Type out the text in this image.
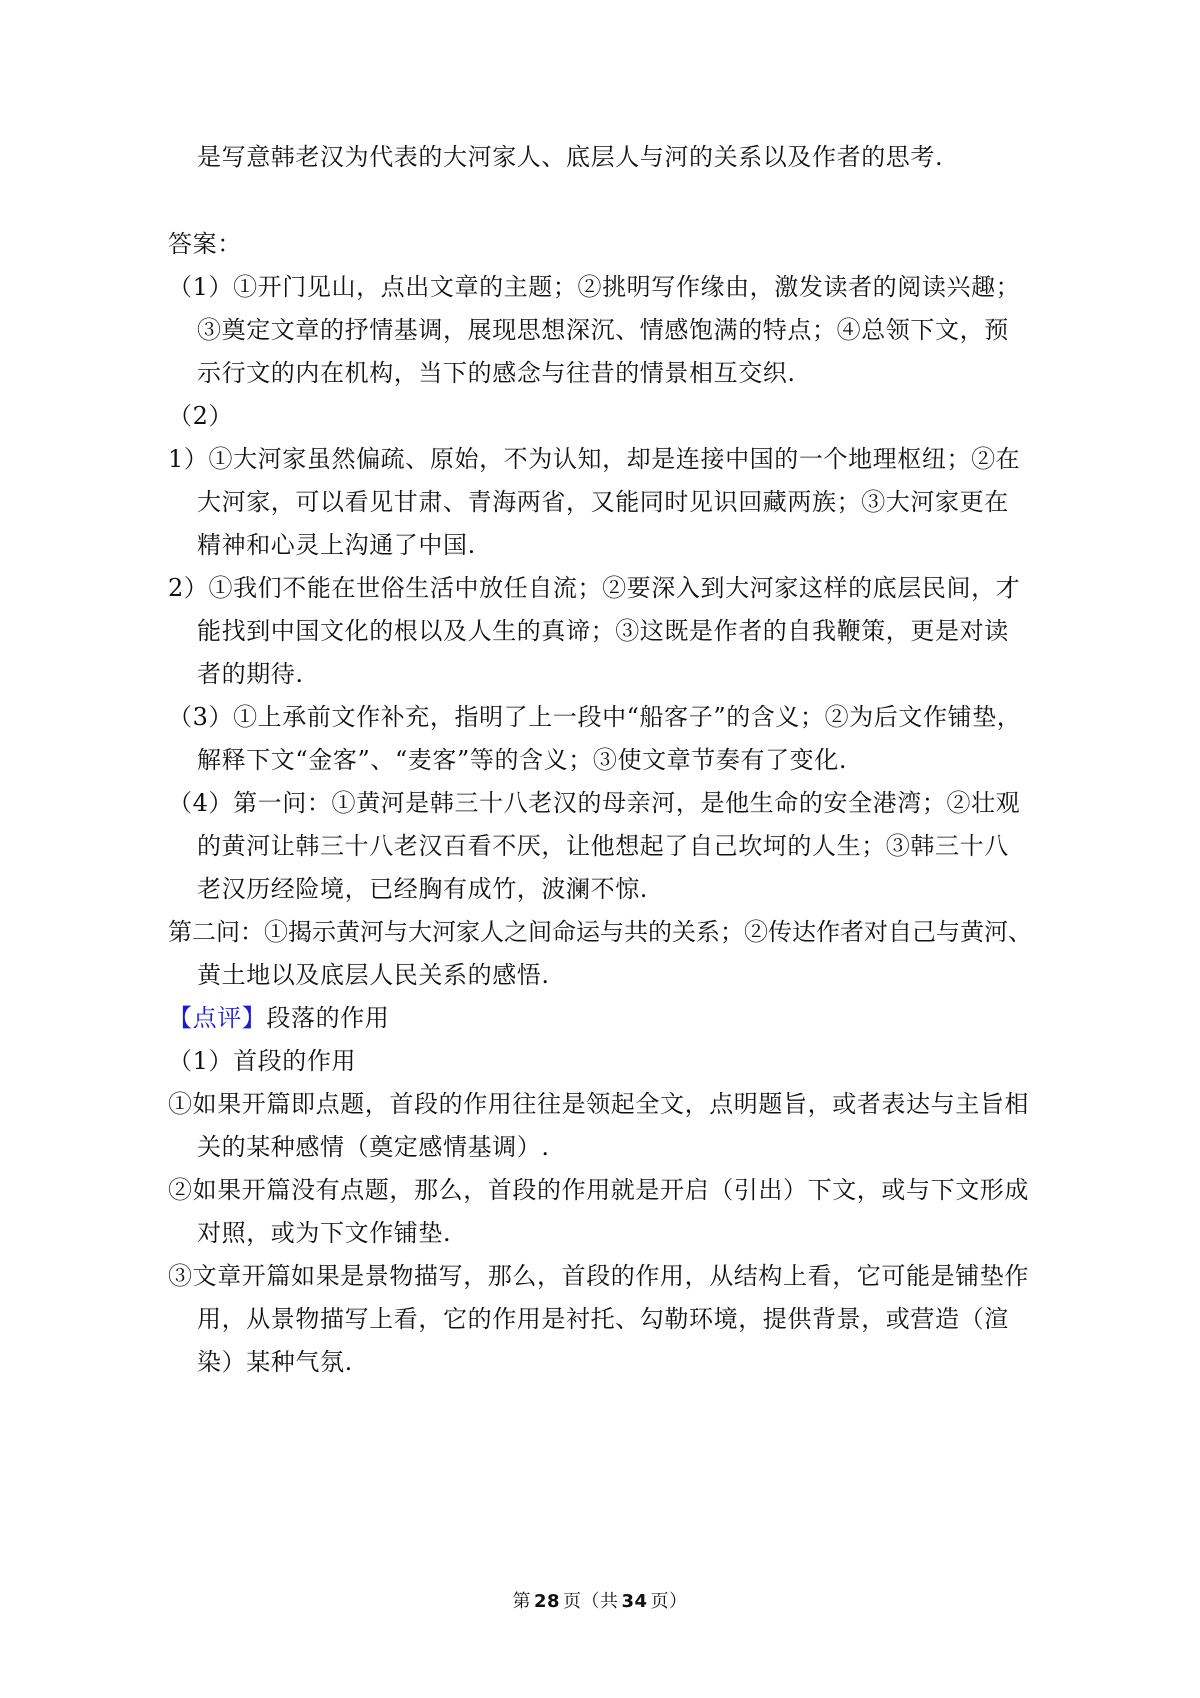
是写意韩老汉为代表的大河家人、底层人与河的关系以及作者的思考.
答案：
（1）①开门见山，点出文章的主题；②挑明写作缘由，激发读者的阅读兴趣；
③奠定文章的抒情基调，展现思想深沉、情感饱满的特点；④总领下文，预
示行文的内在机构，当下的感念与往昔的情景相互交织.
（2）
1）①大河家虽然偏疏、原始，不为认知，却是连接中国的一个地理枢纽；②在
大河家，可以看见甘肃、青海两省，又能同时见识回藏两族；③大河家更在
精神和心灵上沟通了中国.
2）①我们不能在世俗生活中放任自流；②要深入到大河家这样的底层民间，才
能找到中国文化的根以及人生的真谛；③这既是作者的自我鞭策，更是对读
者的期待.
（3）①上承前文作补充，指明了上一段中“船客子”的含义；②为后文作铺垫，
解释下文“金客”、“麦客”等的含义；③使文章节奏有了变化.
（4）第一问：①黄河是韩三十八老汉的母亲河，是他生命的安全港湾；②壮观
的黄河让韩三十八老汉百看不厌，让他想起了自己坎坷的人生；③韩三十八
老汉历经险境，已经胸有成竹，波澜不惊.
第二问：①揭示黄河与大河家人之间命运与共的关系；②传达作者对自己与黄河、
黄土地以及底层人民关系的感悟.
【点评】段落的作用
（1）首段的作用
①如果开篇即点题，首段的作用往往是领起全文，点明题旨，或者表达与主旨相
关的某种感情（奠定感情基调）.
②如果开篇没有点题，那么，首段的作用就是开启（引出）下文，或与下文形成
对照，或为下文作铺垫.
③文章开篇如果是景物描写，那么，首段的作用，从结构上看，它可能是铺垫作
用，从景物描写上看，它的作用是衬托、勾勒环境，提供背景，或营造（渲
染）某种气氛.
第 28 页（共 34 页）
